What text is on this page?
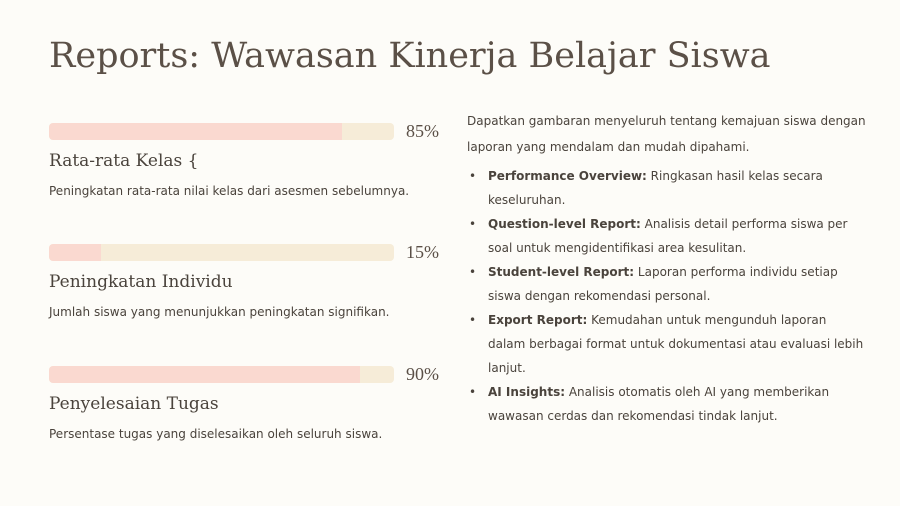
Reports: Wawasan Kinerja Belajar Siswa
85%
Rata-rata Kelas {

Peningkatan rata-rata nilai kelas dari asesmen sebelumnya.

15%
Peningkatan Individu

Jumlah siswa yang menunjukkan peningkatan signifikan.

90%
Penyelesaian Tugas

Persentase tugas yang diselesaikan oleh seluruh siswa.

Dapatkan gambaran menyeluruh tentang kemajuan siswa dengan laporan yang mendalam dan mudah dipahami.

• Performance Overview: Ringkasan hasil kelas secara keseluruhan.
• Question-level Report: Analisis detail performa siswa per soal untuk mengidentifikasi area kesulitan.
• Student-level Report: Laporan performa individu setiap siswa dengan rekomendasi personal.
• Export Report: Kemudahan untuk mengunduh laporan dalam berbagai format untuk dokumentasi atau evaluasi lebih lanjut.
• AI Insights: Analisis otomatis oleh AI yang memberikan wawasan cerdas dan rekomendasi tindak lanjut.
